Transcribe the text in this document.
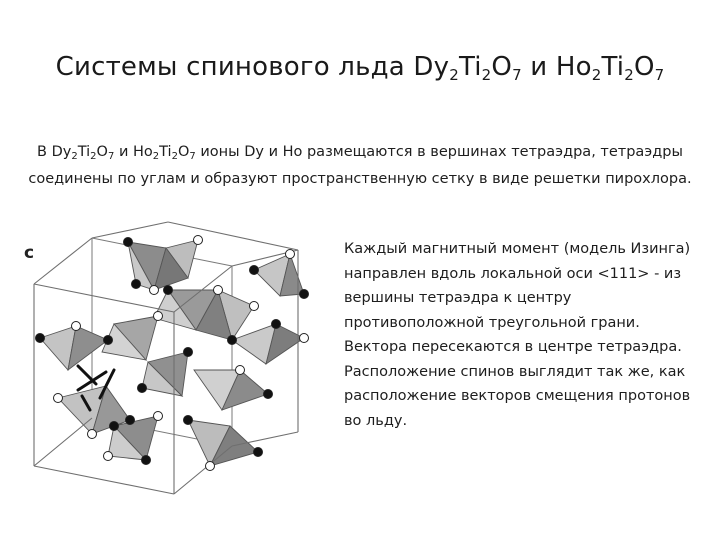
Системы спинового льда $Dy_2Ti_2O_7$ и $Ho_2Ti_2O_7$
В $Dy_2Ti_2O_7$ и $Ho_2Ti_2O_7$ ионы Dy и Ho размещаются в вершинах тетраэдра, тетраэдры соединены по углам и образуют пространственную сетку в виде решетки пирохлора.
c	Каждый магнитный момент (модель Изинга)
направлен вдоль локальной оси <111> - из
вершины тетраэдра к центру
противоположной треугольной грани.
Вектора пересекаются в центре тетраэдра.
Расположение спинов выглядит так же, как
расположение векторов смещения протонов
во льду.
